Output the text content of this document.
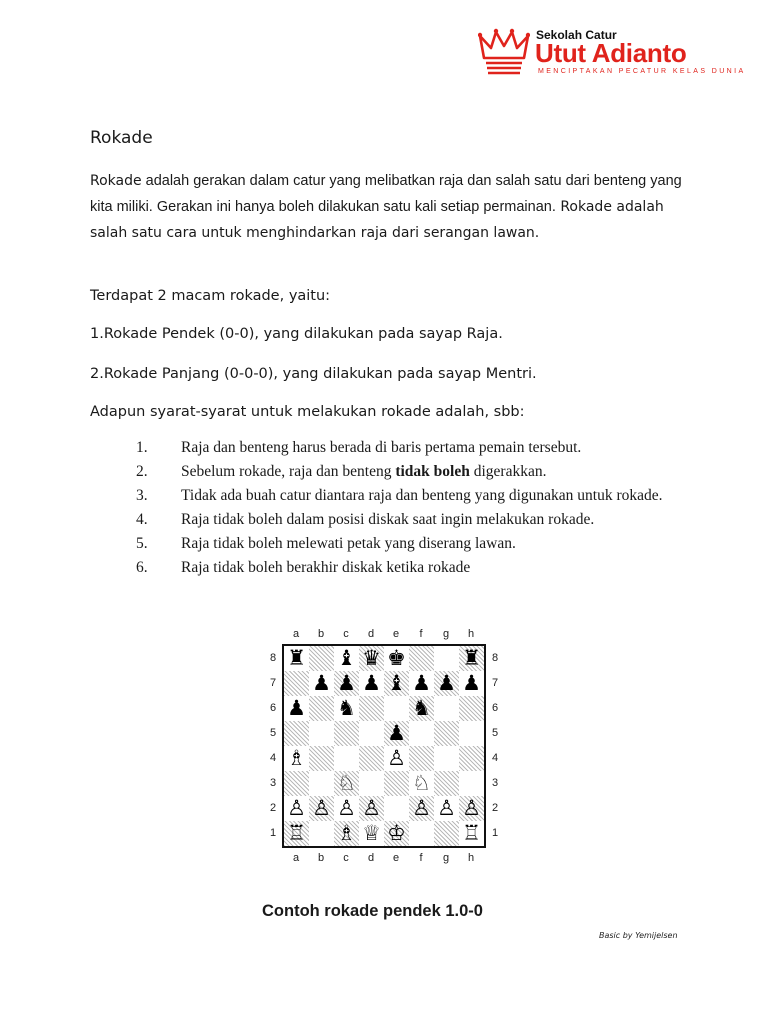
Sekolah Catur
Utut Adianto
MENCIPTAKAN PECATUR KELAS DUNIA
Rokade
Rokade adalah gerakan dalam catur yang melibatkan raja dan salah satu dari benteng yang kita miliki. Gerakan ini hanya boleh dilakukan satu kali setiap permainan. Rokade adalah salah satu cara untuk menghindarkan raja dari serangan lawan.
Terdapat 2 macam rokade, yaitu:
1.Rokade Pendek (0-0), yang dilakukan pada sayap Raja.
2.Rokade Panjang (0-0-0), yang dilakukan pada sayap Mentri.
Adapun syarat-syarat untuk melakukan rokade adalah, sbb:
1.	Raja dan benteng harus berada di baris pertama pemain tersebut.
2.	Sebelum rokade, raja dan benteng tidak boleh digerakkan.
3. Tidak ada buah catur diantara raja dan benteng yang digunakan untuk rokade.
4.	Raja tidak boleh dalam posisi diskak saat ingin melakukan rokade.
5.	Raja tidak boleh melewati petak yang diserang lawan.
6.	Raja tidak boleh berakhir diskak ketika rokade
♜ ♝ ♛ ♚	♜
♟ ♟ ♟ ♝ ♟ ♟ ♟
♟ ♞	♞
♟
♗	♙
♘	♘
♙ ♙ ♙ ♙ ♙ ♙ ♙
♖ ♗ ♕ ♔	♖
a
a
b
b
c
c
d
d
e
e
f
f
g
g
h
h
8	8
7	7
6	6
5	5
4	4
3	3
2	2
1	1
Contoh rokade pendek 1.0-0
Basic by Yemijelsen
